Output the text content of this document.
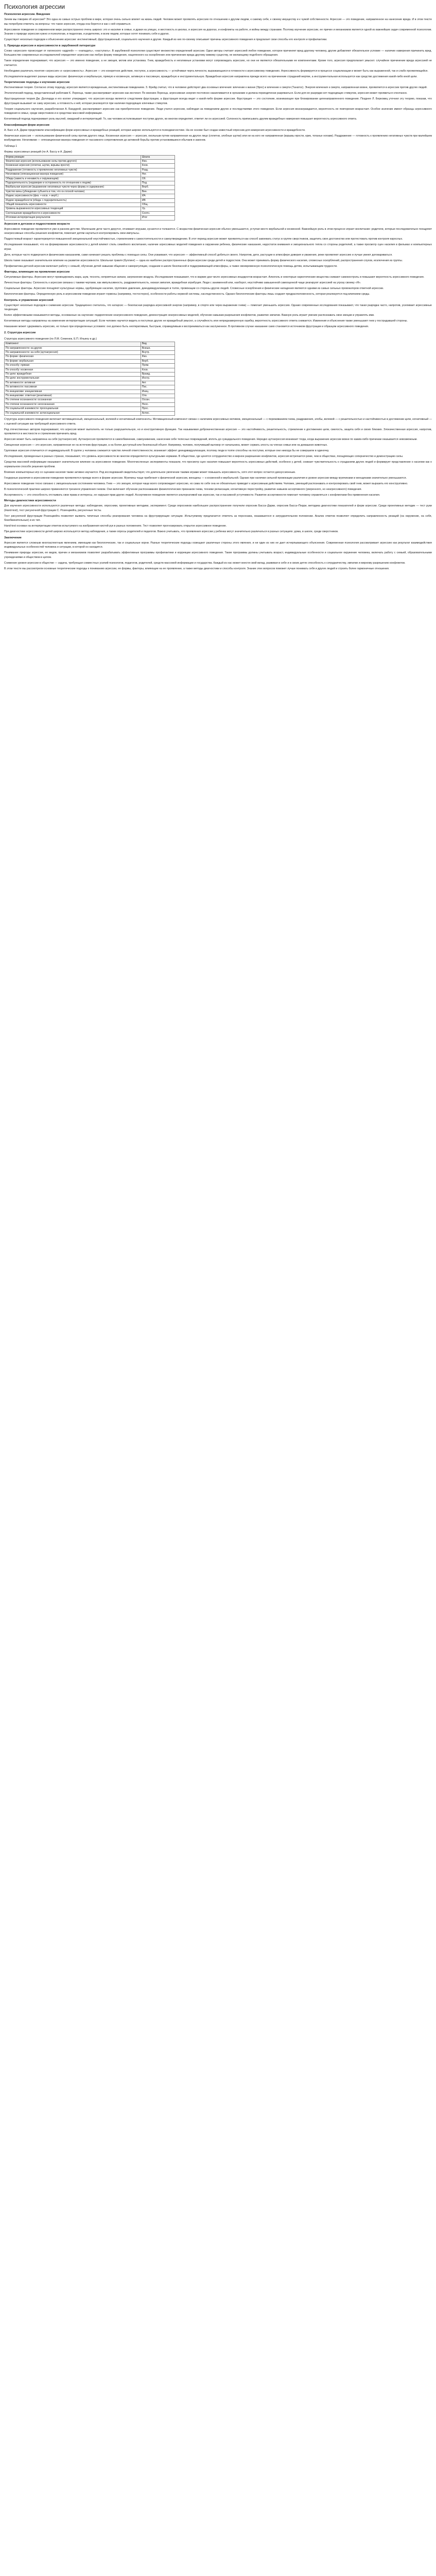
Психология агрессии
Психология агрессии. Введение

Зачем мы говорим об агрессии? Это одна из самых острых проблем в мире, которая очень сильно влияет на жизнь людей. Человек может проявлять агрессию по отношению к другим людям, к самому себе, к своему имуществу и к чужой собственности. Агрессия — это поведение, направленное на нанесение вреда. И в этом тексте мы попробуем ответить на вопросы: что такое агрессия, откуда она берется и как с ней справиться.

Агрессивное поведение в современном мире распространено очень широко: это и насилие в семье, и драки на улицах, и жестокость в школах, и агрессия на дорогах, и конфликты на работе, и войны между странами. Поэтому изучение агрессии, ее причин и механизмов является одной из важнейших задач современной психологии. Знание о природе агрессии нужно и психологам, и педагогам, и родителям, и всем людям, которые хотят понимать себя и других.

Существует несколько подходов к объяснению агрессии: инстинктивный, фрустрационный, социального научения и другие. Каждый из них по-своему описывает причины агрессивного поведения и предлагает свои способы его контроля и профилактики.

1. Природа агрессии и агрессивности в зарубежной литературе

Слово «агрессия» происходит от латинского «aggredi» — «нападать», «наступать». В зарубежной психологии существует множество определений агрессии. Одни авторы считают агрессией любое поведение, которое причиняет вред другому человеку, другие добавляют обязательное условие — наличие намерения причинить вред. Большинство современных исследователей определяют агрессию как любую форму поведения, нацеленного на оскорбление или причинение вреда другому живому существу, не желающему подобного обращения.

Такое определение подчеркивает, что агрессия — это именно поведение, а не эмоция, мотив или установка. Гнев, враждебность и негативные установки могут сопровождать агрессию, но они не являются обязательными ее компонентами. Кроме того, агрессия предполагает умысел: случайное причинение вреда агрессией не считается.

Необходимо различать понятия «агрессия» и «агрессивность». Агрессия — это конкретное действие, поступок, а агрессивность — устойчивая черта личности, выражающаяся в готовности к агрессивному поведению. Агрессивность формируется в процессе социализации и может быть как выраженной, так и слабо проявляющейся.

Исследователи выделяют разные виды агрессии: физическую и вербальную, прямую и косвенную, активную и пассивную, враждебную и инструментальную. Враждебная агрессия направлена прежде всего на причинение страданий жертве, а инструментальная используется как средство достижения какой-либо иной цели.

Теоретические подходы к изучению агрессии

Инстинктивная теория. Согласно этому подходу, агрессия является врожденным, инстинктивным поведением. З. Фрейд считал, что в человеке действуют два основных влечения: влечение к жизни (Эрос) и влечение к смерти (Танатос). Энергия влечения к смерти, направленная вовне, проявляется в агрессии против других людей.

Этологический подход, представленный работами К. Лоренца, также рассматривает агрессию как инстинкт. По мнению Лоренца, агрессивная энергия постоянно накапливается в организме и должна периодически разряжаться. Если для ее разрядки нет подходящих стимулов, агрессия может проявиться спонтанно.

Фрустрационная теория Дж. Долларда и его коллег утверждает, что агрессия всегда является следствием фрустрации, а фрустрация всегда ведет к какой-либо форме агрессии. Фрустрация — это состояние, возникающее при блокировании целенаправленного поведения. Позднее Л. Берковиц уточнил эту теорию, показав, что фрустрация вызывает не саму агрессию, а готовность к ней, которая реализуется при наличии подходящих ключевых стимулов.

Теория социального научения, разработанная А. Бандурой, рассматривает агрессию как приобретенное поведение. Люди учатся агрессии, наблюдая за поведением других и последствиями этого поведения. Если агрессия вознаграждается, вероятность ее повторения возрастает. Особое значение имеют образцы агрессивного поведения в семье, среди сверстников и в средствах массовой информации.

Когнитивный подход подчеркивает роль мыслей, ожиданий и интерпретаций. То, как человек истолковывает поступки других, во многом определяет, ответит ли он агрессией. Склонность приписывать другим враждебные намерения повышает вероятность агрессивного ответа.

Классификация форм агрессии

А. Басс и А. Дарки предложили классификацию форм агрессивных и враждебных реакций, которая широко используется в психодиагностике. На ее основе был создан известный опросник для измерения агрессивности и враждебности.

Физическая агрессия — использование физической силы против другого лица. Косвенная агрессия — агрессия, окольным путем направленная на другое лицо (сплетни, злобные шутки) или ни на кого не направленная (взрывы ярости, крик, топанье ногами). Раздражение — готовность к проявлению негативных чувств при малейшем возбуждении. Негативизм — оппозиционная манера поведения от пассивного сопротивления до активной борьбы против установившихся обычаев и законов.

Таблица 1
Формы агрессивных реакций (по А. Бассу и А. Дарки)
Форма реакции	Шкала
Физическая агрессия (использование силы против другого)	Физ.
Косвенная агрессия (сплетни, шутки, взрывы ярости)	Косв.
Раздражение (готовность к проявлению негативных чувств)	Разд.
Негативизм (оппозиционная манера поведения)	Нег.
Обида (зависть и ненависть к окружающим)	Об.
Подозрительность (недоверие и осторожность по отношению к людям)	Под.
Вербальная агрессия (выражение негативных чувств через форму и содержание)	Верб.
Чувство вины (убеждение субъекта в том, что он плохой человек)	Вин.
Индекс агрессивности (физ. + косв. + верб.)	ИА
Индекс враждебности (обида + подозрительность)	ИВ
Общий показатель агрессивности	Общ.
Уровень выраженности агрессивных тенденций	Ур.
Соотношение враждебности и агрессивности	Соотн.
Итоговая интерпретация результатов	Итог
Агрессия в детском и подростковом возрасте

Агрессивное поведение проявляется уже в раннем детстве. Маленькие дети часто дерутся, отнимают игрушки, кусаются и толкаются. С возрастом физическая агрессия обычно уменьшается, уступая место вербальной и косвенной. Важнейшую роль в этом процессе играет воспитание: родители, которые последовательно поощряют неагрессивные способы решения конфликтов, помогают детям научиться контролировать свои импульсы.

Подростковый возраст характеризуется повышенной эмоциональной неустойчивостью, стремлением к самостоятельности и самоутверждению. В этот период агрессия может проявляться как способ завоевать статус в группе сверстников, защитить свое достоинство или протестовать против контроля взрослых.

Исследования показывают, что на формирование агрессивности у детей влияют стиль семейного воспитания, наличие агрессивных моделей поведения в окружении ребенка, физические наказания, недостаток внимания и эмоционального тепла со стороны родителей, а также просмотр сцен насилия в фильмах и компьютерных играх.

Дети, которые часто подвергаются физическим наказаниям, сами начинают решать проблемы с помощью силы. Они усваивают, что агрессия — эффективный способ добиться своего. Напротив, дети, растущие в атмосфере доверия и уважения, реже проявляют агрессию и лучше умеют договариваться.

Школа также оказывает значительное влияние на развитие агрессивности. Школьная травля (буллинг) — одна из наиболее распространенных форм агрессии среди детей и подростков. Она может принимать форму физического насилия, словесных оскорблений, распространения слухов, исключения из группы.

Профилактика детской агрессии включает работу с семьей, обучение детей навыкам общения и саморегуляции, создание в школе безопасной и поддерживающей атмосферы, а также своевременную психологическую помощь детям, испытывающим трудности.

Факторы, влияющие на проявление агрессии

Ситуативные факторы. Агрессию могут провоцировать жара, шум, теснота, неприятные запахи, загрязнение воздуха. Исследования показывают, что в жаркие дни число агрессивных инцидентов возрастает. Алкоголь и некоторые наркотические вещества снижают самоконтроль и повышают вероятность агрессивного поведения.

Личностные факторы. Склонность к агрессии связана с такими чертами, как импульсивность, раздражительность, низкая эмпатия, враждебная атрибуция. Люди с заниженной или, наоборот, неустойчиво завышенной самооценкой чаще реагируют агрессией на угрозу своему «Я».

Социальные факторы. Агрессию поощряют культурные нормы, одобряющие насилие, групповое давление, деиндивидуализация в толпе, провокации со стороны других людей. Словесные оскорбления и физические нападения являются одними из самых сильных провокаторов ответной агрессии.

Биологические факторы. Определенную роль в агрессивном поведении играют гормоны (например, тестостерон), особенности работы нервной системы, наследственность. Однако биологические факторы лишь создают предрасположенность, которая реализуется под влиянием среды.

Контроль и управление агрессией

Существует несколько подходов к снижению агрессии. Традиционно считалось, что катарсис — безопасная разрядка агрессивной энергии (например, в спорте или через выражение гнева) — помогает уменьшить агрессию. Однако современные исследования показывают, что такая разрядка часто, напротив, усиливает агрессивные тенденции.

Более эффективными оказываются методы, основанные на научении: подкрепление неагрессивного поведения, демонстрация неагрессивных моделей, обучение навыкам разрешения конфликтов, развитие эмпатии. Важную роль играет умение распознавать свои эмоции и управлять ими.

Когнитивные методы направлены на изменение интерпретации ситуаций. Если человек научится видеть в поступках других не враждебный умысел, а случайность или непреднамеренную ошибку, вероятность агрессивного ответа снижается. Извинения и объяснения также уменьшают гнев у пострадавшей стороны.

Наказание может сдерживать агрессию, но только при определенных условиях: оно должно быть неотвратимым, быстрым, справедливым и восприниматься как заслуженное. В противном случае наказание само становится источником фрустрации и образцом агрессивного поведения.

2. Структура агрессии
Структура агрессивного поведения (по Л.М. Семенюк, Е.П. Ильину и др.)
Компонент	Вид
По направленности: на других	Внешн.
По направленности: на себя (аутоагрессия)	Внутр.
По форме: физическая	Физ.
По форме: вербальная	Верб.
По способу: прямая	Прям.
По способу: косвенная	Косв.
По цели: враждебная	Вражд.
По цели: инструментальная	Инстр.
По активности: активная	Акт.
По активности: пассивная	Пас.
По инициативе: инициативная	Иниц.
По инициативе: ответная (реактивная)	Отв.
По степени осознанности: осознанная	Осозн.
По степени осознанности: неосознанная	Неос.
По социальной значимости: просоциальная	Прос.
По социальной значимости: антисоциальная	Антис.

Структура агрессивного поведения включает мотивационный, эмоциональный, волевой и когнитивный компоненты. Мотивационный компонент связан с наличием агрессивных мотивов, эмоциональный — с переживанием гнева, раздражения, злобы, волевой — с решительностью и настойчивостью в достижении цели, когнитивный — с оценкой ситуации как требующей агрессивного ответа.

Ряд отечественных авторов подчеркивают, что агрессия может выполнять не только разрушительную, но и конструктивную функцию. Так называемая доброкачественная агрессия — это настойчивость, решительность, стремление к достижению цели, смелость, защита себя и своих близких. Злокачественная агрессия, напротив, проявляется в жестокости и стремлении причинить вред.

Агрессия может быть направлена на себя (аутоагрессия). Аутоагрессия проявляется в самообвинении, самоунижении, нанесении себе телесных повреждений, вплоть до суицидального поведения. Нередко аутоагрессия возникает тогда, когда выражение агрессии вовне по каким-либо причинам оказывается невозможным.

Смещенная агрессия — это агрессия, направленная не на источник фрустрации, а на более доступный или безопасный объект. Например, человек, получивший выговор от начальника, может сорвать злость на членах семьи или на домашних животных.

Групповая агрессия отличается от индивидуальной. В группе у человека снижается чувство личной ответственности, возникает эффект деиндивидуализации, поэтому люди в толпе способны на поступки, которые они никогда бы не совершили в одиночку.

Исследования, проведенные в разных странах, показывают, что уровень агрессивности во многом определяется культурными нормами. В обществах, где ценятся сотрудничество и мирное разрешение конфликтов, агрессия встречается реже, чем в обществах, поощряющих соперничество и демонстрацию силы.

Средства массовой информации оказывают значительное влияние на агрессивное поведение. Многочисленные эксперименты показали, что просмотр сцен насилия повышает вероятность агрессивных действий, особенно у детей, снижает чувствительность к страданиям других людей и формирует представление о насилии как о нормальном способе решения проблем.

Влияние компьютерных игр со сценами насилия также активно изучается. Ряд исследований свидетельствует, что длительное увлечение такими играми может повышать агрессивность, хотя этот вопрос остается дискуссионным.

Гендерные различия в агрессивном поведении проявляются прежде всего в форме агрессии. Мужчины чаще прибегают к физической агрессии, женщины — к косвенной и вербальной. Однако при наличии сильной провокации различия в уровне агрессии между мужчинами и женщинами значительно уменьшаются.

Агрессивное поведение тесно связано с эмоциональным состоянием человека. Гнев — это эмоция, которая чаще всего сопровождает агрессию, но сама по себе она не обязательно приводит к агрессивным действиям. Человек, умеющий распознавать и контролировать свой гнев, может выразить его конструктивно.

В психологической практике широко применяются тренинги управления гневом. Они включают обучение распознаванию физиологических признаков гнева, техники релаксации, когнитивную перестройку, развитие навыков ассертивного (уверенного, но неагрессивного) поведения.

Ассертивность — это способность отстаивать свои права и интересы, не нарушая прав других людей. Ассертивное поведение является альтернативой как агрессии, так и пассивной уступчивости. Развитие ассертивности помогает человеку справляться с конфликтами без применения насилия.

Методы диагностики агрессивности

Для изучения агрессивности используются различные методы: наблюдение, опросники, проективные методики, эксперимент. Среди опросников наибольшее распространение получили опросник Басса–Дарки, опросник Басса–Перри, методика диагностики показателей и форм агрессии. Среди проективных методик — тест руки (Hand-test), тест рисуночной фрустрации С. Розенцвейга, рисуночные тесты.

Тест рисуночной фрустрации Розенцвейга позволяет выявить типичные способы реагирования человека на фрустрирующие ситуации. Испытуемому предлагается ответить за персонажа, оказавшегося в затруднительном положении. Анализ ответов позволяет определить направленность реакций (на окружение, на себя, безобвинительные) и их тип.

Hand-test основан на интерпретации ответов испытуемого на изображения кистей рук в разных положениях. Тест позволяет прогнозировать открытое агрессивное поведение.

При диагностике агрессивности детей широко используется метод наблюдения, а также опросы родителей и педагогов. Важно учитывать, что проявления агрессии у ребенка могут значительно различаться в разных ситуациях: дома, в школе, среди сверстников.

Заключение

Агрессия является сложным многоаспектным явлением, имеющим как биологические, так и социальные корни. Разные теоретические подходы освещают различные стороны этого явления, и ни один из них не дает исчерпывающего объяснения. Современная психология рассматривает агрессию как результат взаимодействия индивидуальных особенностей человека и ситуации, в которой он находится.

Понимание природы агрессии, ее видов, причин и механизмов позволяет разрабатывать эффективные программы профилактики и коррекции агрессивного поведения. Такие программы должны учитывать возраст, индивидуальные особенности и социальное окружение человека, включать работу с семьей, образовательными учреждениями и обществом в целом.

Снижение уровня агрессии в обществе — задача, требующая совместных усилий психологов, педагогов, родителей, средств массовой информации и государства. Каждый из нас может внести свой вклад, развивая в себе и в своих детях способность к сотрудничеству, эмпатии и мирному разрешению конфликтов.

В этом тексте мы рассмотрели основные теоретические подходы к пониманию агрессии, ее формы, факторы, влияющие на ее проявление, а также методы диагностики и способы контроля. Знание этих вопросов поможет лучше понимать себя и других людей и строить более гармоничные отношения.
